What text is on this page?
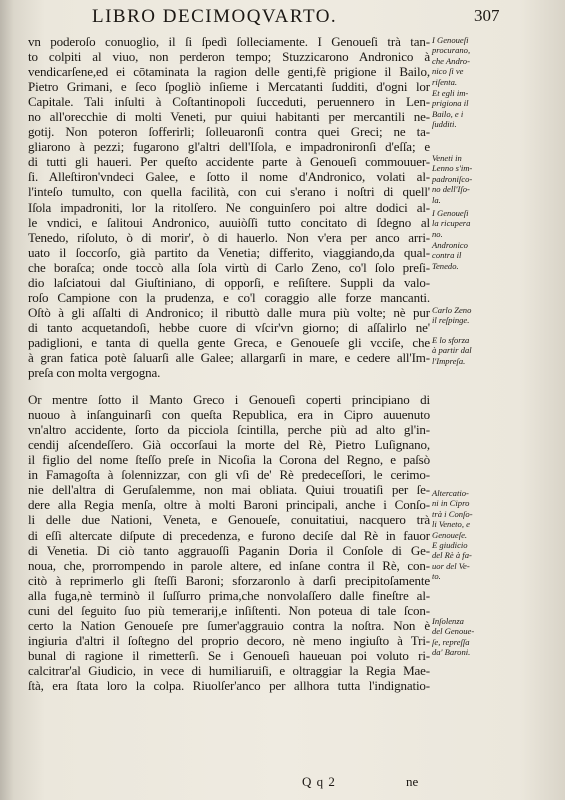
LIBRO DECIMOQVARTO.	307
vn poderoſo conuoglio, il ſi ſpedì ſolleciamente. I Genoueſi trà tan-
to colpiti al viuo, non perderon tempo; Stuzzicarono Andronico à
vendicarſene,ed ei cōtaminata la ragion delle genti,fè prigione il Bailo,
Pietro Grimani, e ſeco ſpogliò inſieme i Mercatanti ſudditi, d'ogni lor
Capitale. Tali inſulti à Coſtantinopoli ſucceduti, peruennero in Len-
no all'orecchie di molti Veneti, pur quiui habitanti per mercantili ne-
gotij. Non poteron ſofferirli; ſolleuaronſi contra quei Greci; ne ta-
gliarono à pezzi; fugarono gl'altri dell'Iſola, e impadronironſi d'eſſa; e
di tutti gli haueri. Per queſto accidente parte à Genoueſi commouuer-
ſi. Alleſtiron'vndeci Galee, e ſotto il nome d'Andronico, volati al-
l'inteſo tumulto, con quella facilità, con cui s'erano i noſtri di quell'
Iſola impadroniti, lor la ritolſero. Ne conguinſero poi altre dodici al-
le vndici, e ſalitoui Andronico, auuiòſſi tutto concitato di ſdegno al
Tenedo, riſoluto, ò di morir', ò di hauerlo. Non v'era per anco arri-
uato il ſoccorſo, già partito da Venetia; differito, viaggiando,da qual-
che boraſca; onde toccò alla ſola virtù di Carlo Zeno, co'l ſolo preſi-
dio laſciatoui dal Giuſtiniano, di opporſi, e reſiſtere. Suppli da valo-
roſo Campione con la prudenza, e co'l coraggio alle forze mancanti.
Oſtò à gli aſſalti di Andronico; il ributtò dalle mura più volte; nè pur
di tanto acquetandoſi, hebbe cuore di vſcir'vn giorno; di aſſalirlo ne'
padiglioni, e tanta di quella gente Greca, e Genoueſe gli vcciſe, che
à gran fatica potè ſaluarſi alle Galee; allargarſi in mare, e cedere all'Im-
preſa con molta vergogna.
Or mentre ſotto il Manto Greco i Genoueſi coperti principiano di
nuouo à inſanguinarſi con queſta Republica, era in Cipro auuenuto
vn'altro accidente, ſorto da picciola ſcintilla, perche più ad alto gl'in-
cendij aſcendeſſero. Già occorſaui la morte del Rè, Pietro Luſignano,
il figlio del nome ſteſſo preſe in Nicoſia la Corona del Regno, e paſsò
in Famagoſta à ſolennizzar, con gli vſi de' Rè predeceſſori, le cerimo-
nie dell'altra di Geruſalemme, non mai obliata. Quiui trouatiſi per ſe-
dere alla Regia menſa, oltre à molti Baroni principali, anche i Conſo-
li delle due Nationi, Veneta, e Genoueſe, conuitatiui, nacquero trà
di eſſi altercate diſpute di precedenza, e furono deciſe dal Rè in fauor
di Venetia. Di ciò tanto aggrauoſſi Paganin Doria il Conſole di Ge-
noua, che, prorrompendo in parole altere, ed inſane contra il Rè, con-
citò à reprimerlo gli ſteſſi Baroni; sforzaronlo à darſi precipitoſamente
alla fuga,nè terminò il ſuſſurro prima,che nonvolaſſero dalle fineſtre al-
cuni del ſeguito ſuo più temerarij,e inſiſtenti. Non poteua di tale ſcon-
certo la Nation Genoueſe pre ſumer'aggrauio contra la noſtra. Non è
ingiuria d'altri il ſoſtegno del proprio decoro, nè meno ingiuſto à Tri-
bunal di ragione il rimetterſi. Se i Genoueſi haueuan poi voluto ri-
calcitrar'al Giudicio, in vece di humiliaruiſi, e oltraggiar la Regia Mae-
ſtà, era ſtata loro la colpa. Riuolſer'anco per allhora tutta l'indignatio-
I Genoueſi
procurano,
che Andro-
nico ſi ve
riſenta.
Et egli im-
prigiona il
Bailo, e i
ſudditi.
Veneti in
Lenno s'im-
padroniſco-
no dell'Iſo-
la.
I Genoueſi
la ricupera
no.
Andronico
contra il
Tenedo.
Carlo Zeno
il reſpinge.
E lo sforza
à partir dal
l'Impreſa.
Altercatio-
ni in Cipro
trà i Conſo-
li Veneto, e
Genoueſe.
E giudicio
del Rè à fa-
uor del Ve-
to.
Inſolenza
del Genoue-
ſe, repreſſa
da' Baroni.
Q q 2	ne
